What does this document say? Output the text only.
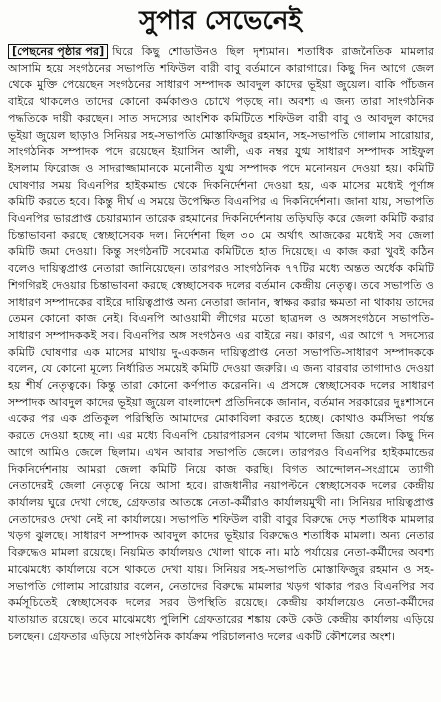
সুপার সেভেনেই
[পেছনের পৃষ্ঠার পর] ঘিরে কিছু শোডাউনও ছিল দৃশ্যমান। শতাধিক রাজনৈতিক মামলার আসামি হয়ে সংগঠনের সভাপতি শফিউল বারী বাবু বর্তমানে কারাগারে। কিছু দিন আগে জেল থেকে মুক্তি পেয়েছেন সংগঠনের সাধারণ সম্পাদক আবদুল কাদের ভূইয়া জুয়েল। বাকি পাঁচজন বাইরে থাকলেও তাদের কোনো কর্মকাণ্ডও চোখে পড়ছে না। অবশ্য এ জন্য তারা সাংগঠনিক পদ্ধতিকে দায়ী করছেন। সাত সদস্যের আংশিক কমিটিতে শফিউল বারী বাবু ও আবদুল কাদের ভূইয়া জুয়েল ছাড়াও সিনিয়র সহ-সভাপতি মোস্তাফিজুর রহমান, সহ-সভাপতি গোলাম সারোয়ার, সাংগঠনিক সম্পাদক পদে রয়েছেন ইয়াসিন আলী, এক নম্বর যুগ্ম সাধারণ সম্পাদক সাইফুল ইসলাম ফিরোজ ও সাদরাজ্জামানকে মনোনীত যুগ্ম সম্পাদক পদে মনোনয়ন দেওয়া হয়। কমিটি ঘোষণার সময় বিএনপির হাইকমান্ড থেকে দিকনির্দেশনা দেওয়া হয়, এক মাসের মধ্যেই পূর্ণাঙ্গ কমিটি করতে হবে। কিন্তু দীর্ঘ এ সময়ে উপেক্ষিত বিএনপির এ দিকনির্দেশনা। জানা যায়, সভাপতি বিএনপির ভারপ্রাপ্ত চেয়ারম্যান তারেক রহমানের দিকনির্দেশনায় তড়িঘড়ি করে জেলা কমিটি করার চিন্তাভাবনা করছে স্বেচ্ছাসেবক দল। নির্দেশনা ছিল ৩০ মে অর্থাৎ আজকের মধ্যেই সব জেলা কমিটি জমা দেওয়া। কিন্তু সংগঠনটি সবেমাত্র কমিটিতে হাত দিয়েছে। এ কাজ করা খুবই কঠিন বলেও দায়িত্বপ্রাপ্ত নেতারা জানিয়েছেন। তারপরও সাংগঠনিক ৭৭টির মধ্যে অন্তত অর্ধেক কমিটি শিগগিরই দেওয়ার চিন্তাভাবনা করছে স্বেচ্ছাসেবক দলের বর্তমান কেন্দ্রীয় নেতৃত্ব। তবে সভাপতি ও সাধারণ সম্পাদকের বাইরে দায়িত্বপ্রাপ্ত অন্য নেতারা জানান, স্বাক্ষর করার ক্ষমতা না থাকায় তাদের তেমন কোনো কাজ নেই। বিএনপি আওয়ামী লীগের মতো ছাত্রদল ও অঙ্গসংগঠনে সভাপতি-সাধারণ সম্পাদককই সব। বিএনপির অঙ্গ সংগঠনও এর বাইরে নয়। কারণ, এর আগে ৭ সদস্যের কমিটি ঘোষণার এক মাসের মাথায় দু-একজন দায়িত্বপ্রাপ্ত নেতা সভাপতি-সাধারণ সম্পাদককে বলেন, যে কোনো মূল্যে নির্ধারিত সময়েই কমিটি দেওয়া জরুরি। এ জন্য বারবার তাগাদাও দেওয়া হয় শীর্ষ নেতৃত্বকে। কিন্তু তারা কোনো কর্ণপাত করেননি। এ প্রসঙ্গে স্বেচ্ছাসেবক দলের সাধারণ সম্পাদক আবদুল কাদের ভূইয়া জুয়েল বাংলাদেশ প্রতিদিনকে জানান, বর্তমান সরকারের দুঃশাসনে একের পর এক প্রতিকূল পরিস্থিতি আমাদের মোকাবিলা করতে হচ্ছে। কোথাও কর্মসিভা পর্যন্ত করতে দেওয়া হচ্ছে না। এর মধ্যে বিএনপি চেয়ারপারসন বেগম খালেদা জিয়া জেলে। কিছু দিন আগে আমিও জেলে ছিলাম। এখন আবার সভাপতি জেলে। তারপরও বিএনপির হাইকমান্ডের দিকনির্দেশনায় আমরা জেলা কমিটি নিয়ে কাজ করছি। বিগত আন্দোলন-সংগ্রামে ত্যাগী নেতাদেরই জেলা নেতৃত্বে নিয়ে আসা হবে। রাজধানীর নয়াপল্টনে স্বেচ্ছাসেবক দলের কেন্দ্রীয় কার্যালয় ঘুরে দেখা গেছে, গ্রেফতার আতঙ্কে নেতা-কর্মীরাও কার্যালয়মুখী না। সিনিয়র দায়িত্বপ্রাপ্ত নেতাদেরও দেখা নেই না কার্যালয়ে। সভাপতি শফিউল বারী বাবুর বিরুদ্ধে দেড় শতাধিক মামলার খড়গ ঝুলছে। সাধারণ সম্পাদক আবদুল কাদের ভূইয়ার বিরুদ্ধেও শতাধিক মামলা। অন্য নেতার বিরুদ্ধেও মামলা রয়েছে। নিয়মিত কার্যালয়ও খোলা থাকে না। মাঠ পর্যায়ের নেতা-কর্মীদের অবশ্য মাঝেমধ্যে কার্যালয়ে বসে থাকতে দেখা যায়। সিনিয়র সহ-সভাপতি মোস্তাফিজুর রহমান ও সহ-সভাপতি গোলাম সারোয়ার বলেন, নেতাদের বিরুদ্ধে মামলার খড়গ থাকার পরও বিএনপির সব কর্মসূচিতেই স্বেচ্ছাসেবক দলের সরব উপস্থিতি রয়েছে। কেন্দ্রীয় কার্যালয়েও নেতা-কর্মীদের যাতায়াত রয়েছে। তবে মাঝেমধ্যে পুলিশি গ্রেফতারের শঙ্কায় কেউ কেউ কেন্দ্রীয় কার্যালয় এড়িয়ে চলছেন। গ্রেফতার এড়িয়ে সাংগঠনিক কার্যক্রম পরিচালনাও দলের একটি কৌশলের অংশ।
